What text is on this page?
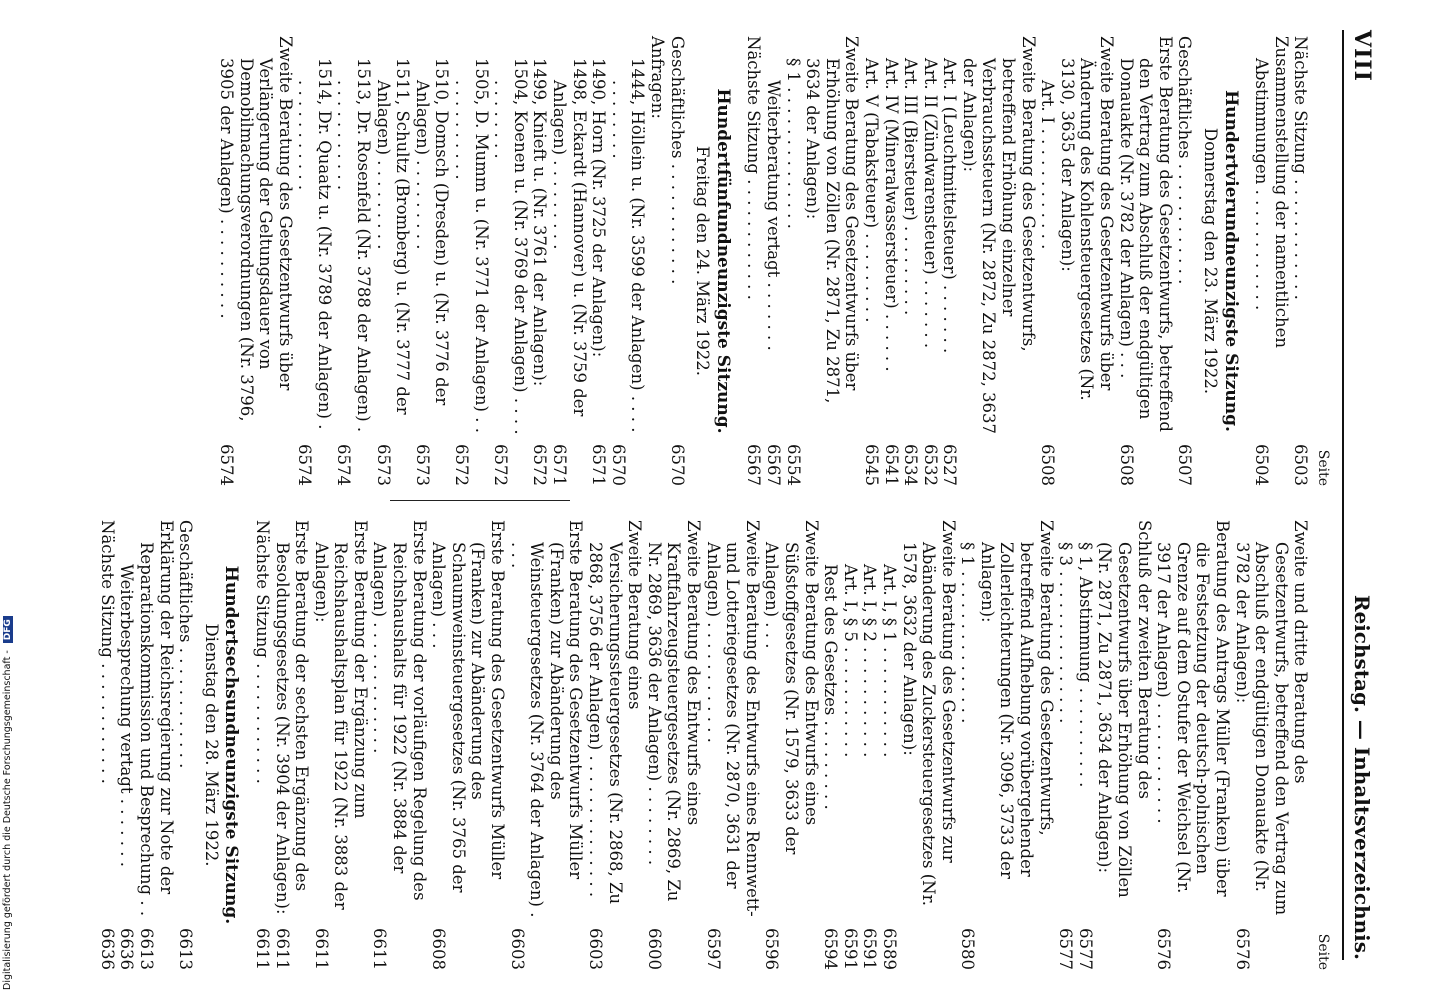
VIII
Reichstag. — Inhaltsverzeichnis.
Seite
Nächste Sitzung . . . . . . . . . . . .
6503
Zusammenstellung der namentlichen Abstimmungen . . . . . . . . . . . .
6504
Hundertvierundneunzigste Sitzung.
Donnerstag den 23. März 1922.
Geschäftliches . . . . . . . . . . . .
6507
Erste Beratung des Gesetzentwurfs, betreffend den Vertrag zum Abschluß der endgültigen Donauakte (Nr. 3782 der Anlagen) . . .
6508
Zweite Beratung des Gesetzentwurfs über Änderung des Kohlensteuergesetzes (Nr. 3130, 3635 der Anlagen):
Art. I . . . . . . . . . . . .
6508
Zweite Beratung des Gesetzentwurfs, betreffend Erhöhung einzelner Verbrauchssteuern (Nr. 2872, Zu 2872, 3637 der Anlagen):
Art. I (Leuchtmittelsteuer) . . . . . . .
6527
Art. II (Zündwarensteuer) . . . . . . .
6532
Art. III (Biersteuer) . . . . . . . . .
6534
Art. IV (Mineralwassersteuer) . . . . . .
6541
Art. V (Tabaksteuer) . . . . . . . . .
6545
Zweite Beratung des Gesetzentwurfs über Erhöhung von Zöllen (Nr. 2871, Zu 2871, 3634 der Anlagen):
§ 1 . . . . . . . . . . . . . .
6554
Weiterberatung vertagt . . . . . . .
6567
Nächste Sitzung . . . . . . . . . . . .
6567
Hundertfünfundneunzigste Sitzung.
Freitag den 24. März 1922.
Geschäftliches . . . . . . . . . . . .
6570
Anfragen:
1444, Höllein u. (Nr. 3599 der Anlagen) . . . . . . . . . . . .
6570
1490, Horn (Nr. 3725 der Anlagen):
6571
1498, Eckardt (Hannover) u. (Nr. 3759 der Anlagen) . . . . . . . . .
6571
1499, Knieft u. (Nr. 3761 der Anlagen):
6572
1504, Koenen u. (Nr. 3769 der Anlagen) . . . . . . . . . . . .
6572
1505, D. Mumm u. (Nr. 3771 der Anlagen) . . . . . . . . . . . .
6572
1510, Domsch (Dresden) u. (Nr. 3776 der Anlagen) . . . . . . . . .
6573
1511, Schultz (Bromberg) u. (Nr. 3777 der Anlagen) . . . . . . . . .
6573
1513, Dr. Rosenfeld (Nr. 3788 der Anlagen) . . . . . . . . . . . .
6574
1514, Dr. Quaatz u. (Nr. 3789 der Anlagen) . . . . . . . . . . . .
6574
Zweite Beratung des Gesetzentwurfs über Verlängerung der Geltungsdauer von Demobilmachungsverordnungen (Nr. 3796, 3905 der Anlagen) . . . . . . . . . .
6574
Seite
Zweite und dritte Beratung des Gesetzentwurfs, betreffend den Vertrag zum Abschluß der endgültigen Donauakte (Nr. 3782 der Anlagen):
6576
Beratung des Antrags Müller (Franken) über die Festsetzung der deutsch-polnischen Grenze auf dem Ostufer der Weichsel (Nr. 3917 der Anlagen) . . . . . . . . . . . .
6576
Schluß der zweiten Beratung des Gesetzentwurfs über Erhöhung von Zöllen (Nr. 2871, Zu 2871, 3634 der Anlagen):
§ 1, Abstimmung . . . . . . . . . .
6577
§ 3 . . . . . . . . . . . . . . .
6577
Zweite Beratung des Gesetzentwurfs, betreffend Aufhebung vorübergehender Zollerleichterungen (Nr. 3096, 3733 der Anlagen):
§ 1 . . . . . . . . . . . . . . .
6580
Zweite Beratung des Gesetzentwurfs zur Abänderung des Zuckersteuergesetzes (Nr. 1578, 3632 der Anlagen):
Art. I, § 1 . . . . . . . . . . .
6589
Art. I, § 2 . . . . . . . . . . .
6591
Art. I, § 5 . . . . . . . . . . .
6591
Rest des Gesetzes . . . . . . . . .
6594
Zweite Beratung des Entwurfs eines Süßstoffgesetzes (Nr. 1579, 3633 der Anlagen) . . .
6596
Zweite Beratung des Entwurfs eines Rennwett- und Lotteriegesetzes (Nr. 2870, 3631 der Anlagen) . . . . . . . . . . . .
6597
Zweite Beratung des Entwurfs eines Kraftfahrzeugsteuergesetzes (Nr. 2869, Zu Nr. 2869, 3636 der Anlagen) . . . . . . . .
6600
Zweite Beratung eines Versicherungssteuergesetzes (Nr. 2868, Zu 2868, 3756 der Anlagen) . . . . . . . . . . . . . .
6603
Erste Beratung des Gesetzentwurfs Müller (Franken) zur Abänderung des Weinsteuergesetzes (Nr. 3764 der Anlagen) . . . .
6603
Erste Beratung des Gesetzentwurfs Müller (Franken) zur Abänderung des Schaumweinsteuergesetzes (Nr. 3765 der Anlagen) . . .
6608
Erste Beratung der vorläufigen Regelung des Reichshaushalts für 1922 (Nr. 3884 der Anlagen) . . . . . . . . . . . . .
6611
Erste Beratung der Ergänzung zum Reichshaushaltsplan für 1922 (Nr. 3883 der Anlagen):
6611
Erste Beratung der sechsten Ergänzung des Besoldungsgesetzes (Nr. 3904 der Anlagen):
6611
Nächste Sitzung . . . . . . . . . . . .
6611
Hundertsechsundneunzigste Sitzung.
Dienstag den 28. März 1922.
Geschäftliches . . . . . . . . . . . .
6613
Erklärung der Reichsregierung zur Note der Reparationskommission und Besprechung . .
6613
Weiterbesprechung vertagt . . . . . . .
6636
Nächste Sitzung . . . . . . . . . . . .
6636
Digitalisierung gefördert durch die Deutsche Forschungsgemeinschaft - DFG
